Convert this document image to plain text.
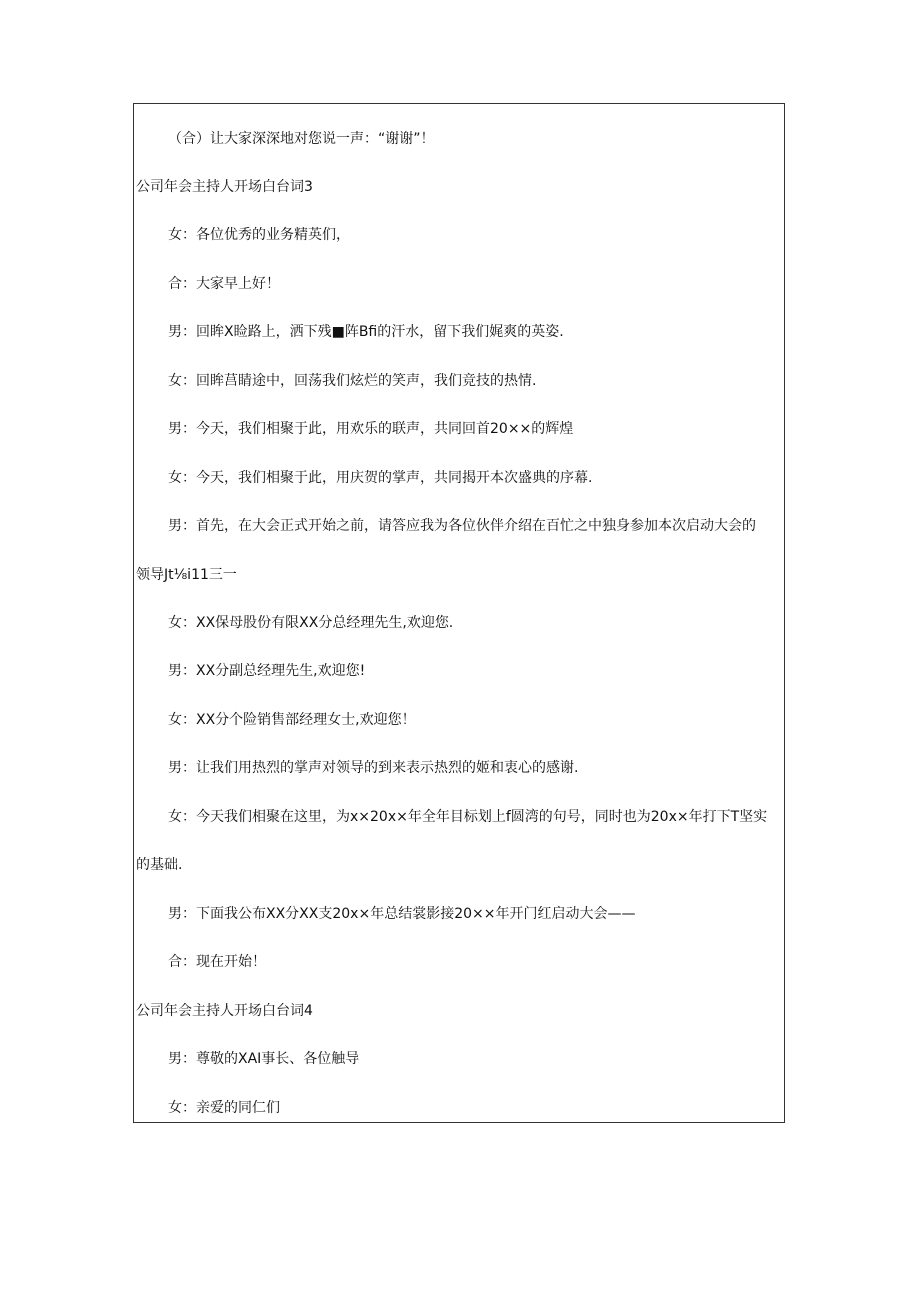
（合）让大家深深地对您说一声：“谢谢”！
公司年会主持人开场白台词3
女：各位优秀的业务精英们，
合：大家早上好！
男：回眸X睑路上，洒下残■阵Bfi的汗水，留下我们娓爽的英姿.
女：回眸莒睛途中，回荡我们炫烂的笑声，我们竞技的热情.
男：今天，我们相聚于此，用欢乐的联声，共同回首20××的辉煌
女：今天，我们相聚于此，用庆贺的掌声，共同揭开本次盛典的序幕.
男：首先，在大会正式开始之前，请答应我为各位伙伴介绍在百忙之中独身参加本次启动大会的
领导Jt⅛i11三一
女：XX保母股份有限XX分总经理先生,欢迎您.
男：XX分副总经理先生,欢迎您!
女：XX分个险销售部经理女士,欢迎您！
男：让我们用热烈的掌声对领导的到来表示热烈的姬和衷心的感谢.
女：今天我们相聚在这里，为x×20x×年全年目标划上f圆湾的句号，同时也为20x×年打下T坚实
的基础.
男：下面我公布XX分XX支20x×年总结裳影接20××年开门红启动大会——
合：现在开始！
公司年会主持人开场白台词4
男：尊敬的XAI事长、各位触导
女：亲爱的同仁们
